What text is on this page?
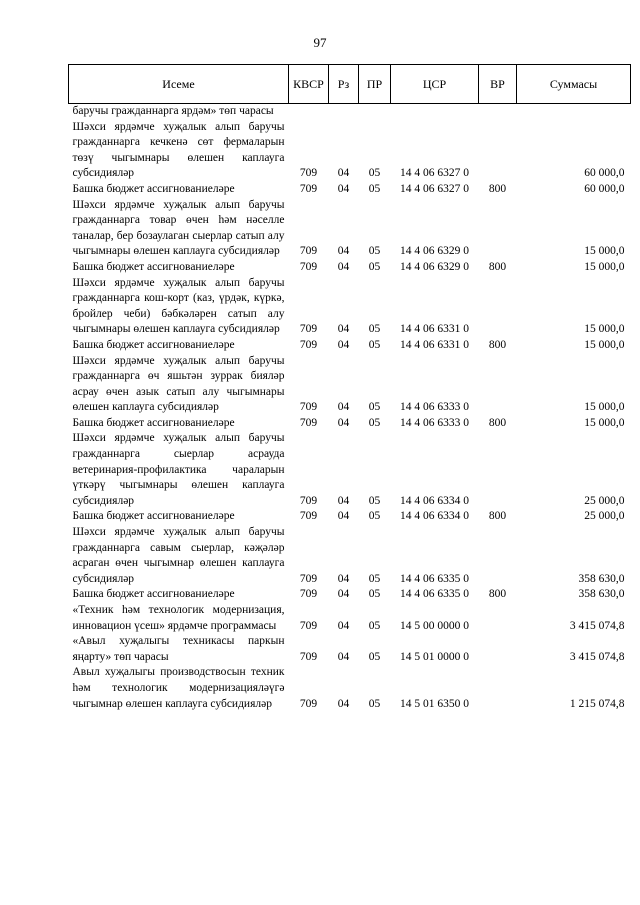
97
Исеме	КВСР	Рз	ПР	ЦСР	ВР	Суммасы
баручы гражданнарга ярдәм» төп чарасы						
Шәхси ярдәмче хуҗалык алып баручы гражданнарга кечкенә сөт фермаларын төзү чыгымнары өлешен каплауга субсидияләр	709	04	05	14 4 06 6327 0		60 000,0
Башка бюджет ассигнованиеләре	709	04	05	14 4 06 6327 0	800	60 000,0
Шәхси ярдәмче хуҗалык алып баручы гражданнарга товар өчен һәм нәселле таналар, бер бозаулаган сыерлар сатып алу чыгымнары өлешен каплауга субсидияләр	709	04	05	14 4 06 6329 0		15 000,0
Башка бюджет ассигнованиеләре	709	04	05	14 4 06 6329 0	800	15 000,0
Шәхси ярдәмче хуҗалык алып баручы гражданнарга кош-корт (каз, үрдәк, күркә, бройлер чеби) бәбкәләрен сатып алу чыгымнары өлешен каплауга субсидияләр	709	04	05	14 4 06 6331 0		15 000,0
Башка бюджет ассигнованиеләре	709	04	05	14 4 06 6331 0	800	15 000,0
Шәхси ярдәмче хуҗалык алып баручы гражданнарга өч яшьтән зуррак бияләр асрау өчен азык сатып алу чыгымнары өлешен каплауга субсидияләр	709	04	05	14 4 06 6333 0		15 000,0
Башка бюджет ассигнованиеләре	709	04	05	14 4 06 6333 0	800	15 000,0
Шәхси ярдәмче хуҗалык алып баручы гражданнарга сыерлар асрауда ветеринария-профилактика чараларын үткәрү чыгымнары өлешен каплауга субсидияләр	709	04	05	14 4 06 6334 0		25 000,0
Башка бюджет ассигнованиеләре	709	04	05	14 4 06 6334 0	800	25 000,0
Шәхси ярдәмче хуҗалык алып баручы гражданнарга савым сыерлар, кәҗәләр асраган өчен чыгымнар өлешен каплауга субсидияләр	709	04	05	14 4 06 6335 0		358 630,0
Башка бюджет ассигнованиеләре	709	04	05	14 4 06 6335 0	800	358 630,0
«Техник һәм технологик модернизация, инновацион үсеш» ярдәмче программасы	709	04	05	14 5 00 0000 0		3 415 074,8
«Авыл хуҗалыгы техникасы паркын яңарту» төп чарасы	709	04	05	14 5 01 0000 0		3 415 074,8
Авыл хуҗалыгы производствосын техник һәм технологик модернизацияләүгә чыгымнар өлешен каплауга субсидияләр	709	04	05	14 5 01 6350 0		1 215 074,8
